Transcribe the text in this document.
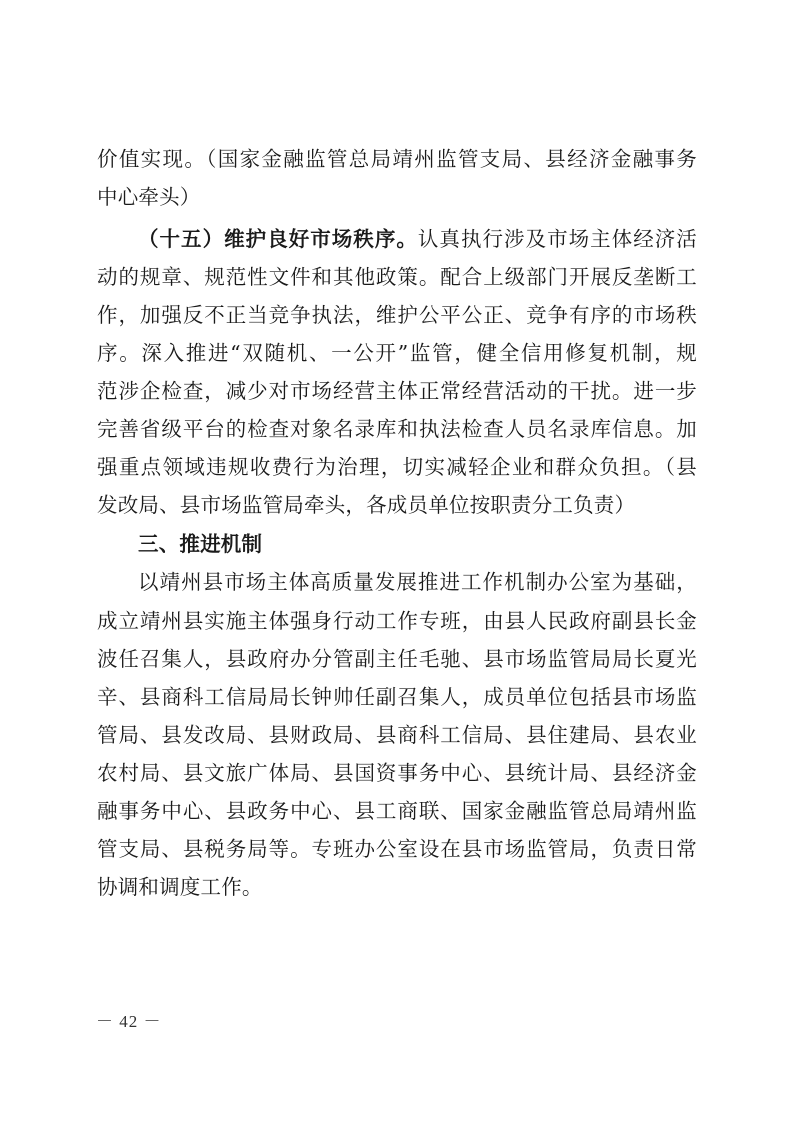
价值实现。（国家金融监管总局靖州监管支局、县经济金融事务
中心牵头）
（十五）维护良好市场秩序。认真执行涉及市场主体经济活
动的规章、规范性文件和其他政策。配合上级部门开展反垄断工
作，加强反不正当竞争执法，维护公平公正、竞争有序的市场秩
序。深入推进“双随机、一公开”监管，健全信用修复机制，规
范涉企检查，减少对市场经营主体正常经营活动的干扰。进一步
完善省级平台的检查对象名录库和执法检查人员名录库信息。加
强重点领域违规收费行为治理，切实减轻企业和群众负担。（县
发改局、县市场监管局牵头，各成员单位按职责分工负责）
三、推进机制
以靖州县市场主体高质量发展推进工作机制办公室为基础，
成立靖州县实施主体强身行动工作专班，由县人民政府副县长金
波任召集人，县政府办分管副主任毛驰、县市场监管局局长夏光
辛、县商科工信局局长钟帅任副召集人，成员单位包括县市场监
管局、县发改局、县财政局、县商科工信局、县住建局、县农业
农村局、县文旅广体局、县国资事务中心、县统计局、县经济金
融事务中心、县政务中心、县工商联、国家金融监管总局靖州监
管支局、县税务局等。专班办公室设在县市场监管局，负责日常
协调和调度工作。
－ 42 －
